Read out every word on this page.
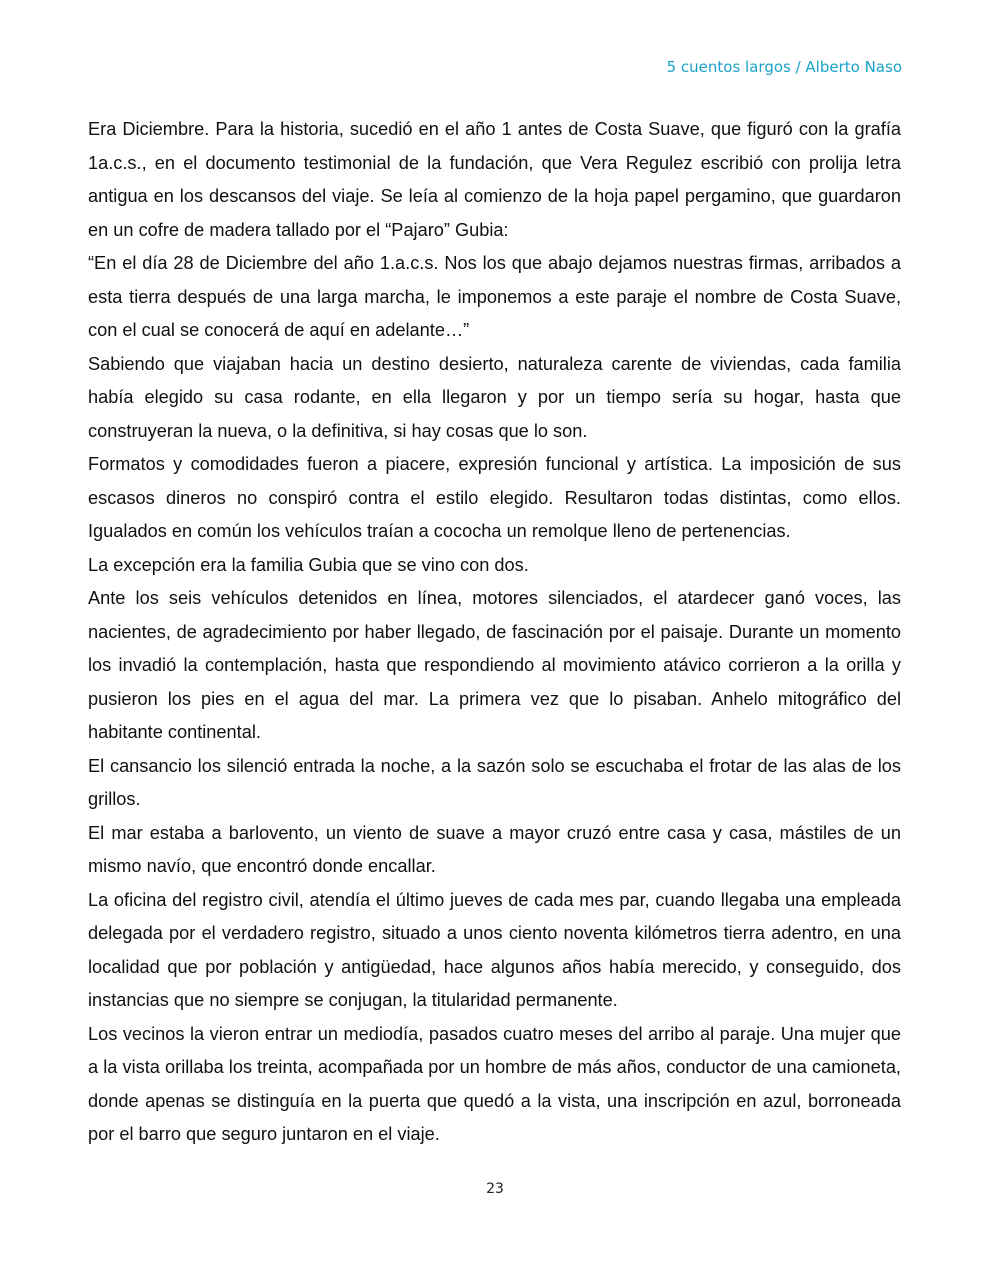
5 cuentos largos / Alberto Naso

Era Diciembre. Para la historia, sucedió en el año 1 antes de Costa Suave, que figuró con la grafía 1a.c.s., en el documento testimonial de la fundación, que Vera Regulez escribió con prolija letra antigua en los descansos del viaje. Se leía al comienzo de la hoja papel pergamino, que guardaron en un cofre de madera tallado por el “Pajaro” Gubia:

“En el día 28 de Diciembre del año 1.a.c.s. Nos los que abajo dejamos nuestras firmas, arribados a esta tierra después de una larga marcha, le imponemos a este paraje el nombre de Costa Suave, con el cual se conocerá de aquí en adelante…”

Sabiendo que viajaban hacia un destino desierto, naturaleza carente de viviendas, cada familia había elegido su casa rodante, en ella llegaron y por un tiempo sería su hogar, hasta que construyeran la nueva, o la definitiva, si hay cosas que lo son.

Formatos y comodidades fueron a piacere, expresión funcional y artística. La imposición de sus escasos dineros no conspiró contra el estilo elegido. Resultaron todas distintas, como ellos. Igualados en común los vehículos traían a cococha un remolque lleno de pertenencias.

La excepción era la familia Gubia que se vino con dos.

Ante los seis vehículos detenidos en línea, motores silenciados, el atardecer ganó voces, las nacientes, de agradecimiento por haber llegado, de fascinación por el paisaje. Durante un momento los invadió la contemplación, hasta que respondiendo al movimiento atávico corrieron a la orilla y pusieron los pies en el agua del mar. La primera vez que lo pisaban. Anhelo mitográfico del habitante continental.

El cansancio los silenció entrada la noche, a la sazón solo se escuchaba el frotar de las alas de los grillos.

El mar estaba a barlovento, un viento de suave a mayor cruzó entre casa y casa, mástiles de un mismo navío, que encontró donde encallar.

La oficina del registro civil, atendía el último jueves de cada mes par, cuando llegaba una empleada delegada por el verdadero registro, situado a unos ciento noventa kilómetros tierra adentro, en una localidad que por población y antigüedad, hace algunos años había merecido, y conseguido, dos instancias que no siempre se conjugan, la titularidad permanente.

Los vecinos la vieron entrar un mediodía, pasados cuatro meses del arribo al paraje. Una mujer que a la vista orillaba los treinta, acompañada por un hombre de más años, conductor de una camioneta, donde apenas se distinguía en la puerta que quedó a la vista, una inscripción en azul, borroneada por el barro que seguro juntaron en el viaje.

23
